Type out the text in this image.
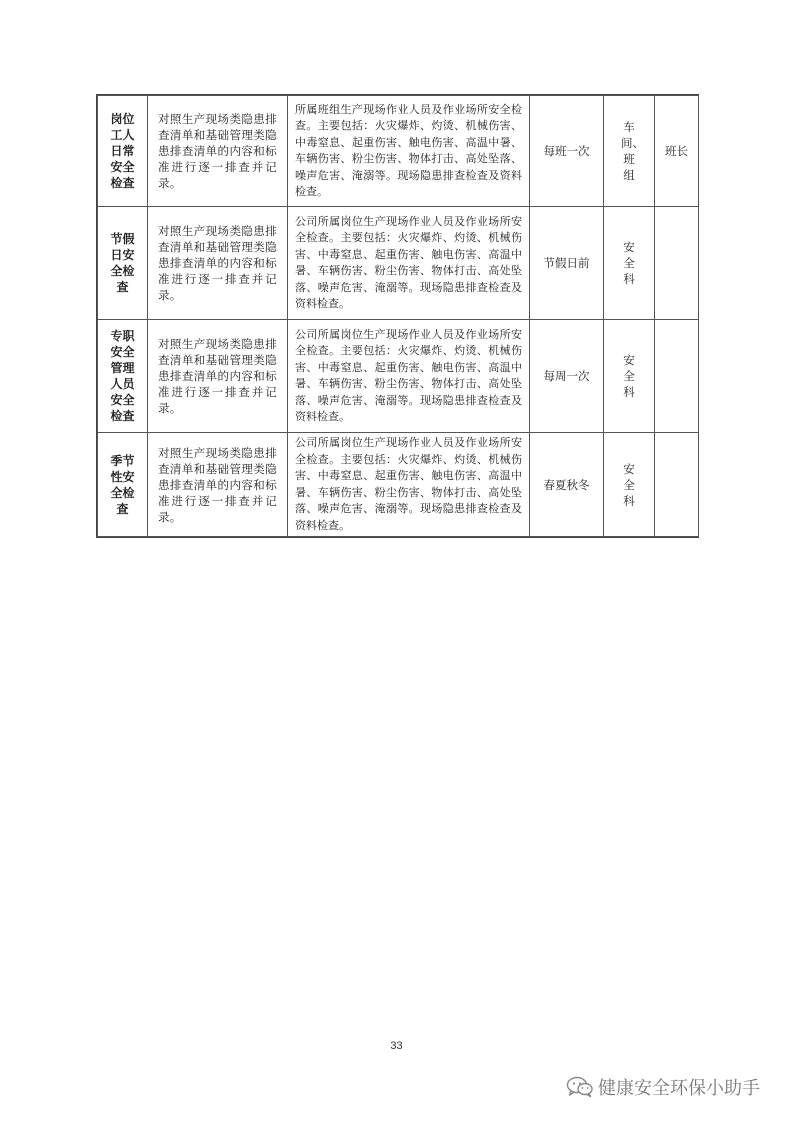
岗位工人日常安全检查	对照生产现场类隐患排查清单和基础管理类隐患排查清单的内容和标准进行逐一排查并记录。	所属班组生产现场作业人员及作业场所安全检查。主要包括：火灾爆炸、灼烫、机械伤害、中毒窒息、起重伤害、触电伤害、高温中暑、车辆伤害、粉尘伤害、物体打击、高处坠落、噪声危害、淹溺等。现场隐患排查检查及资料检查。	每班一次	车间、班组	班长
节假日安全检查	对照生产现场类隐患排查清单和基础管理类隐患排查清单的内容和标准进行逐一排查并记录。	公司所属岗位生产现场作业人员及作业场所安全检查。主要包括：火灾爆炸、灼烫、机械伤害、中毒窒息、起重伤害、触电伤害、高温中暑、车辆伤害、粉尘伤害、物体打击、高处坠落、噪声危害、淹溺等。现场隐患排查检查及资料检查。	节假日前	安全科	
专职安全管理人员安全检查	对照生产现场类隐患排查清单和基础管理类隐患排查清单的内容和标准进行逐一排查并记录。	公司所属岗位生产现场作业人员及作业场所安全检查。主要包括：火灾爆炸、灼烫、机械伤害、中毒窒息、起重伤害、触电伤害、高温中暑、车辆伤害、粉尘伤害、物体打击、高处坠落、噪声危害、淹溺等。现场隐患排查检查及资料检查。	每周一次	安全科	
季节性安全检查	对照生产现场类隐患排查清单和基础管理类隐患排查清单的内容和标准进行逐一排查并记录。	公司所属岗位生产现场作业人员及作业场所安全检查。主要包括：火灾爆炸、灼烫、机械伤害、中毒窒息、起重伤害、触电伤害、高温中暑、车辆伤害、粉尘伤害、物体打击、高处坠落、噪声危害、淹溺等。现场隐患排查检查及资料检查。	春夏秋冬	安全科	
33
健康安全环保小助手
